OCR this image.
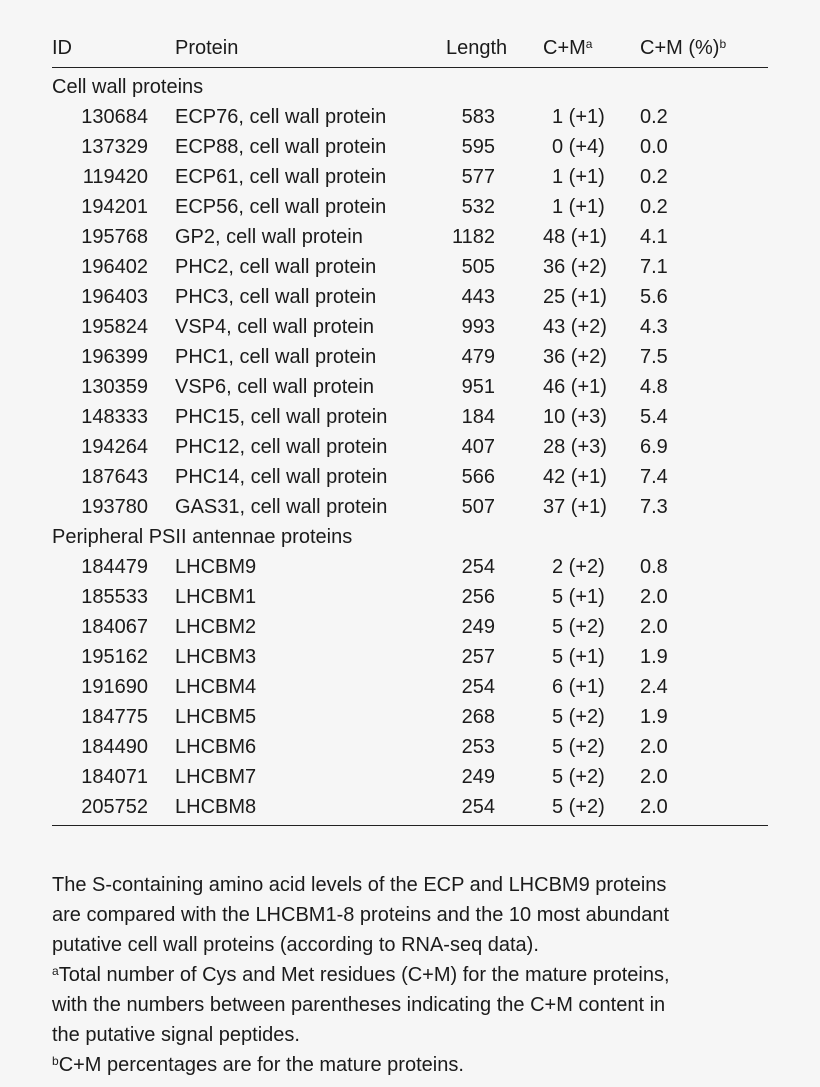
ID	Protein	Length $C+M^a$ C+M (%)$^b$
Cell wall proteins
130684 ECP76, cell wall protein	583	1 (+1) 0.2
137329 ECP88, cell wall protein	595	0 (+4) 0.0
119420 ECP61, cell wall protein	577	1 (+1) 0.2
194201 ECP56, cell wall protein	532	1 (+1) 0.2
195768 GP2, cell wall protein	1182 48 (+1) 4.1
196402 PHC2, cell wall protein	505 36 (+2) 7.1
196403 PHC3, cell wall protein	443 25 (+1) 5.6
195824 VSP4, cell wall protein	993 43 (+2) 4.3
196399 PHC1, cell wall protein	479 36 (+2) 7.5
130359 VSP6, cell wall protein	951 46 (+1) 4.8
148333 PHC15, cell wall protein	184 10 (+3) 5.4
194264 PHC12, cell wall protein	407 28 (+3) 6.9
187643 PHC14, cell wall protein	566 42 (+1) 7.4
193780 GAS31, cell wall protein	507 37 (+1) 7.3
Peripheral PSII antennae proteins
184479 LHCBM9	254	2 (+2) 0.8
185533 LHCBM1	256	5 (+1) 2.0
184067 LHCBM2	249	5 (+2) 2.0
195162 LHCBM3	257	5 (+1) 1.9
191690 LHCBM4	254	6 (+1) 2.4
184775 LHCBM5	268	5 (+2) 1.9
184490 LHCBM6	253	5 (+2) 2.0
184071 LHCBM7	249	5 (+2) 2.0
205752 LHCBM8	254	5 (+2) 2.0
The S-containing amino acid levels of the ECP and LHCBM9 proteins
are compared with the LHCBM1-8 proteins and the 10 most abundant
putative cell wall proteins (according to RNA-seq data).
$^a$Total number of Cys and Met residues (C+M) for the mature proteins,
with the numbers between parentheses indicating the C+M content in
the putative signal peptides.
$^b$C+M percentages are for the mature proteins.
